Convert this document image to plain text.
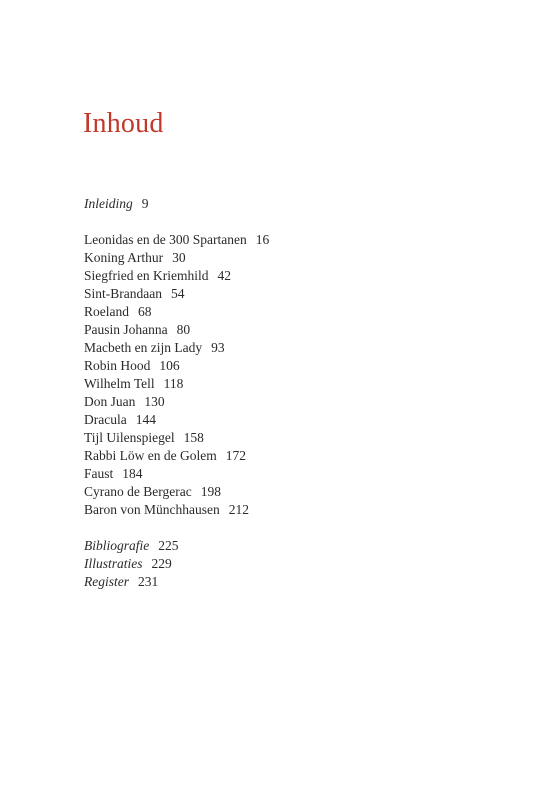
Inhoud
Inleiding 9
Leonidas en de 300 Spartanen 16
Koning Arthur 30
Siegfried en Kriemhild 42
Sint-Brandaan 54
Roeland 68
Pausin Johanna 80
Macbeth en zijn Lady 93
Robin Hood 106
Wilhelm Tell 118
Don Juan 130
Dracula 144
Tijl Uilenspiegel 158
Rabbi Löw en de Golem 172
Faust 184
Cyrano de Bergerac 198
Baron von Münchhausen 212
Bibliografie 225
Illustraties 229
Register 231
